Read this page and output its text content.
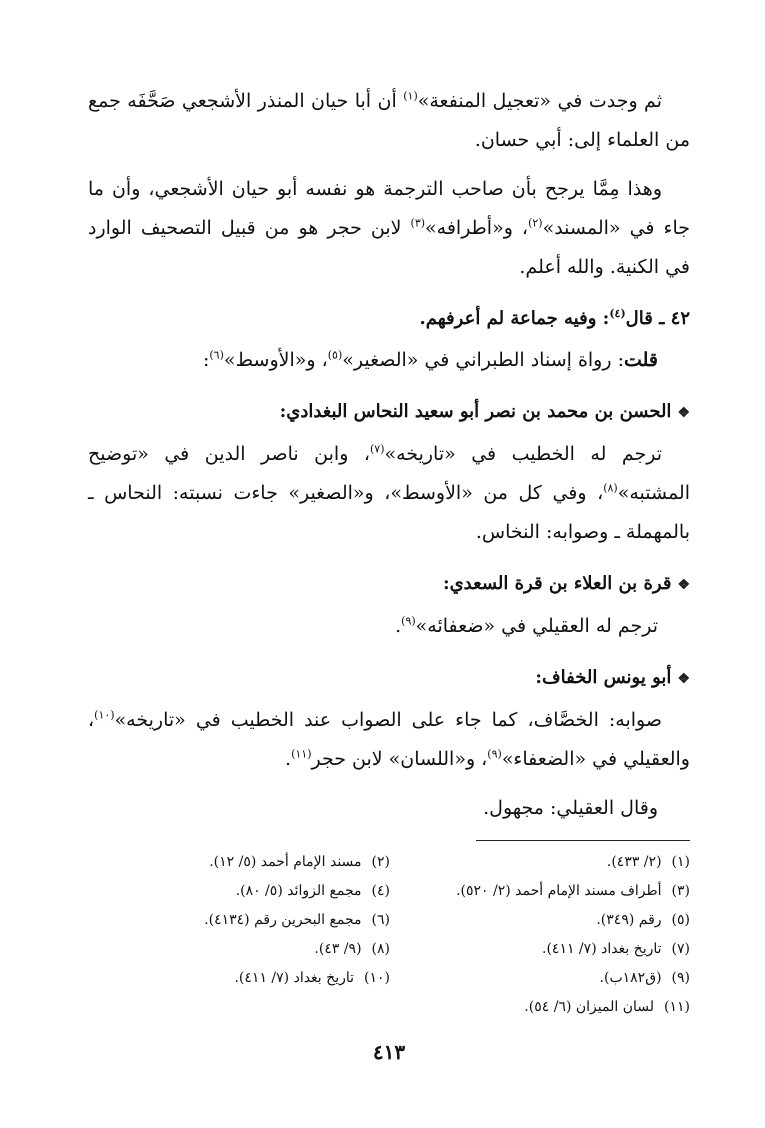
ثم وجدت في «تعجيل المنفعة»$^{(١)}$ أن أبا حيان المنذر الأشجعي صَحَّفَه جمع من العلماء إلى: أبي حسان.

وهذا مِمَّا يرجح بأن صاحب الترجمة هو نفسه أبو حيان الأشجعي، وأن ما جاء في «المسند»$^{(٢)}$، و«أطرافه»$^{(٣)}$ لابن حجر هو من قبيل التصحيف الوارد في الكنية. والله أعلم.

٤٢ ـ قال$^{(٤)}$: وفيه جماعة لم أعرفهم.

قلت: رواة إسناد الطبراني في «الصغير»$^{(٥)}$، و«الأوسط»$^{(٦)}$:

❖الحسن بن محمد بن نصر أبو سعيد النحاس البغدادي:

ترجم له الخطيب في «تاريخه»$^{(٧)}$، وابن ناصر الدين في «توضيح المشتبه»$^{(٨)}$، وفي كل من «الأوسط»، و«الصغير» جاءت نسبته: النحاس ـ بالمهملة ـ وصوابه: النخاس.

❖قرة بن العلاء بن قرة السعدي:

ترجم له العقيلي في «ضعفائه»$^{(٩)}$.

❖أبو يونس الخفاف:

صوابه: الخصَّاف، كما جاء على الصواب عند الخطيب في «تاريخه»$^{(١٠)}$، والعقيلي في «الضعفاء»$^{(٩)}$، و«اللسان» لابن حجر$^{(١١)}$.

وقال العقيلي: مجهول.

(١)(٢/ ٤٣٣).
(٣)أطراف مسند الإمام أحمد (٢/ ٥٢٠).
(٥)رقم (٣٤٩).
(٧)تاريخ بغداد (٧/ ٤١١).
(٩)(ق١٨٢ب).
(١١)لسان الميزان (٦/ ٥٤).
(٢)مسند الإمام أحمد (٥/ ١٢).
(٤)مجمع الزوائد (٥/ ٨٠).
(٦)مجمع البحرين رقم (٤١٣٤).
(٨)(٩/ ٤٣).
(١٠)تاريخ بغداد (٧/ ٤١١).
٤١٣
